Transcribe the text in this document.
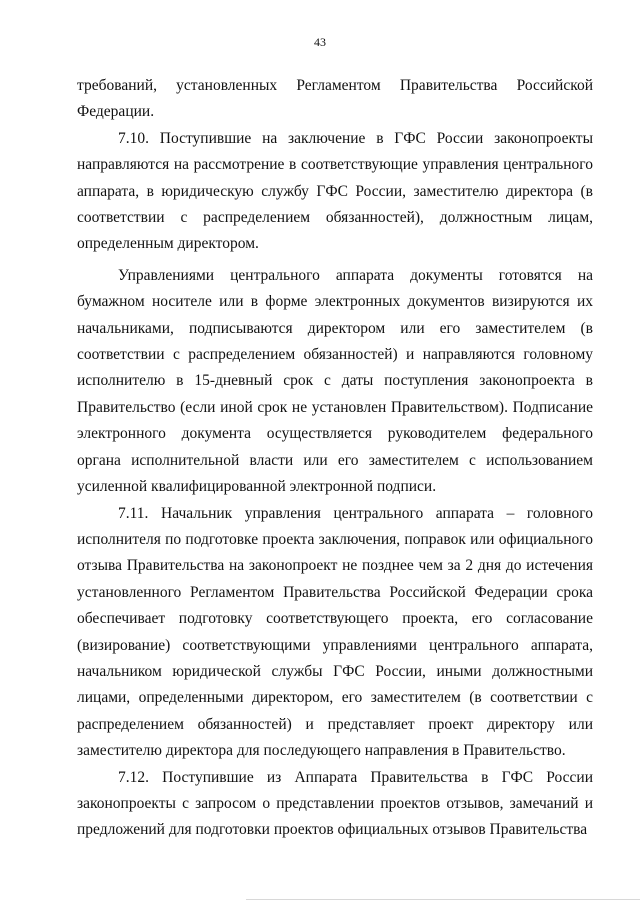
43

требований, установленных Регламентом Правительства Российской Федерации.

7.10. Поступившие на заключение в ГФС России законопроекты направляются на рассмотрение в соответствующие управления центрального аппарата, в юридическую службу ГФС России, заместителю директора (в соответствии с распределением обязанностей), должностным лицам, определенным директором.

Управлениями центрального аппарата документы готовятся на бумажном носителе или в форме электронных документов визируются их начальниками, подписываются директором или его заместителем (в соответствии с распределением обязанностей) и направляются головному исполнителю в 15-дневный срок с даты поступления законопроекта в Правительство (если иной срок не установлен Правительством). Подписание электронного документа осуществляется руководителем федерального органа исполнительной власти или его заместителем с использованием усиленной квалифицированной электронной подписи.

7.11. Начальник управления центрального аппарата – головного исполнителя по подготовке проекта заключения, поправок или официального отзыва Правительства на законопроект не позднее чем за 2 дня до истечения установленного Регламентом Правительства Российской Федерации срока обеспечивает подготовку соответствующего проекта, его согласование (визирование) соответствующими управлениями центрального аппарата, начальником юридической службы ГФС России, иными должностными лицами, определенными директором, его заместителем (в соответствии с распределением обязанностей) и представляет проект директору или заместителю директора для последующего направления в Правительство.

7.12. Поступившие из Аппарата Правительства в ГФС России законопроекты с запросом о представлении проектов отзывов, замечаний и предложений для подготовки проектов официальных отзывов Правительства
